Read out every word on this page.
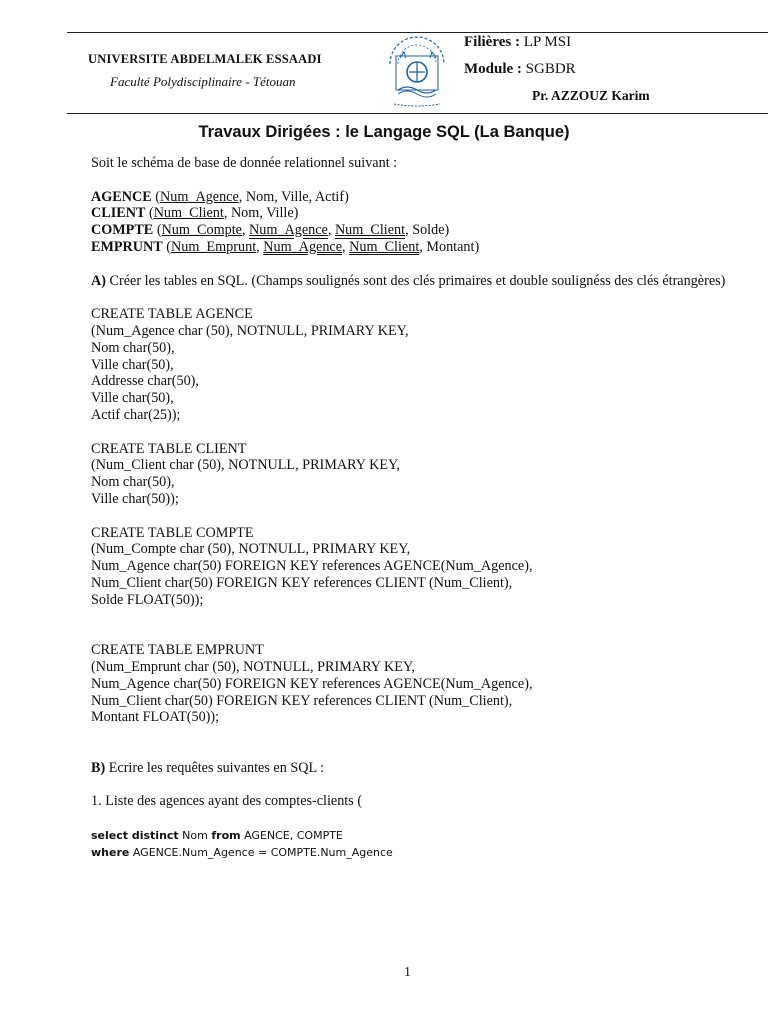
UNIVERSITE ABDELMALEK ESSAADI
Faculté Polydisciplinaire - Tétouan
Filières : LP MSI
Module : SGBDR
Pr. AZZOUZ Karim
Travaux Dirigées : le Langage SQL (La Banque)

Soit le schéma de base de donnée relationnel suivant :

AGENCE (Num_Agence, Nom, Ville, Actif)

CLIENT (Num_Client, Nom, Ville)

COMPTE (Num_Compte, Num_Agence, Num_Client, Solde)

EMPRUNT (Num_Emprunt, Num_Agence, Num_Client, Montant)

A) Créer les tables en SQL. (Champs soulignés sont des clés primaires et double soulignéss des clés étrangères)

CREATE TABLE AGENCE

(Num_Agence char (50), NOTNULL, PRIMARY KEY,

Nom char(50),

Ville char(50),

Addresse char(50),

Ville char(50),

Actif char(25));

CREATE TABLE CLIENT

(Num_Client char (50), NOTNULL, PRIMARY KEY,

Nom char(50),

Ville char(50));

CREATE TABLE COMPTE

(Num_Compte char (50), NOTNULL, PRIMARY KEY,

Num_Agence char(50) FOREIGN KEY references AGENCE(Num_Agence),

Num_Client char(50) FOREIGN KEY references CLIENT (Num_Client),

Solde FLOAT(50));

CREATE TABLE EMPRUNT

(Num_Emprunt char (50), NOTNULL, PRIMARY KEY,

Num_Agence char(50) FOREIGN KEY references AGENCE(Num_Agence),

Num_Client char(50) FOREIGN KEY references CLIENT (Num_Client),

Montant FLOAT(50));

B) Ecrire les requêtes suivantes en SQL :

1. Liste des agences ayant des comptes-clients (

select distinct Nom from AGENCE, COMPTE
where AGENCE.Num_Agence = COMPTE.Num_Agence
1
